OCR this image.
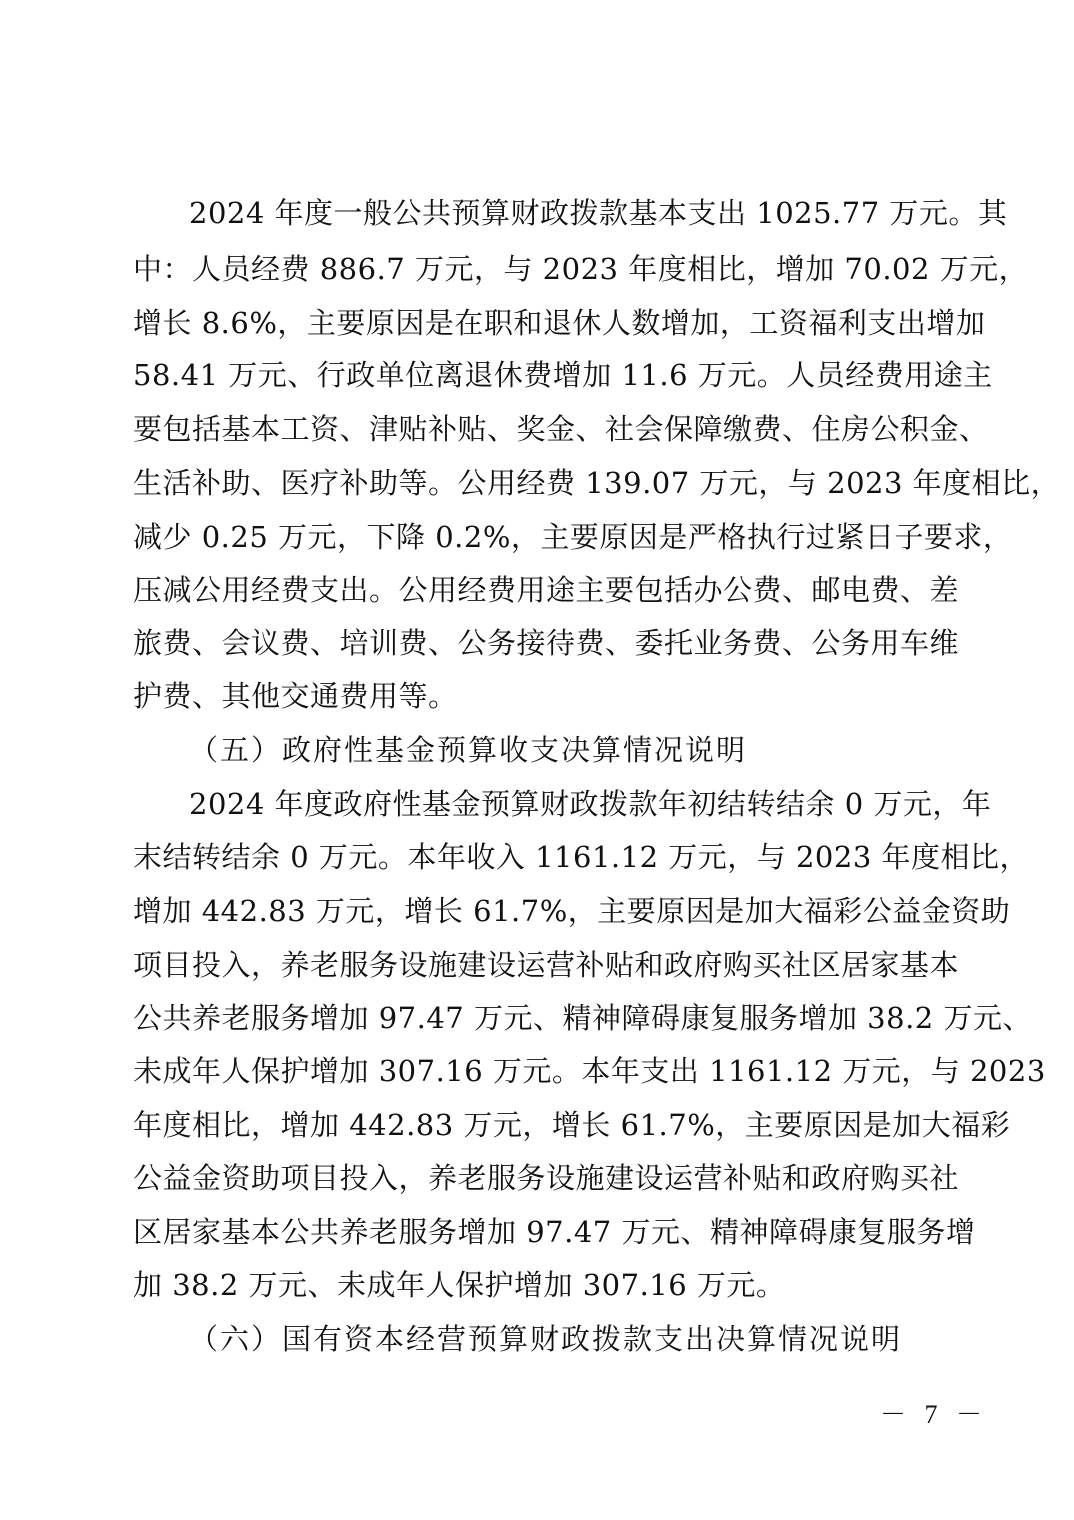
2024 年度一般公共预算财政拨款基本支出 1025.77 万元。其
中：人员经费 886.7 万元，与 2023 年度相比，增加 70.02 万元，
增长 8.6%，主要原因是在职和退休人数增加，工资福利支出增加
58.41 万元、行政单位离退休费增加 11.6 万元。人员经费用途主
要包括基本工资、津贴补贴、奖金、社会保障缴费、住房公积金、
生活补助、医疗补助等。公用经费 139.07 万元，与 2023 年度相比，
减少 0.25 万元，下降 0.2%，主要原因是严格执行过紧日子要求，
压减公用经费支出。公用经费用途主要包括办公费、邮电费、差
旅费、会议费、培训费、公务接待费、委托业务费、公务用车维
护费、其他交通费用等。
（五）政府性基金预算收支决算情况说明
2024 年度政府性基金预算财政拨款年初结转结余 0 万元，年
末结转结余 0 万元。本年收入 1161.12 万元，与 2023 年度相比，
增加 442.83 万元，增长 61.7%，主要原因是加大福彩公益金资助
项目投入，养老服务设施建设运营补贴和政府购买社区居家基本
公共养老服务增加 97.47 万元、精神障碍康复服务增加 38.2 万元、
未成年人保护增加 307.16 万元。本年支出 1161.12 万元，与 2023
年度相比，增加 442.83 万元，增长 61.7%，主要原因是加大福彩
公益金资助项目投入，养老服务设施建设运营补贴和政府购买社
区居家基本公共养老服务增加 97.47 万元、精神障碍康复服务增
加 38.2 万元、未成年人保护增加 307.16 万元。
（六）国有资本经营预算财政拨款支出决算情况说明
－ 7 －
